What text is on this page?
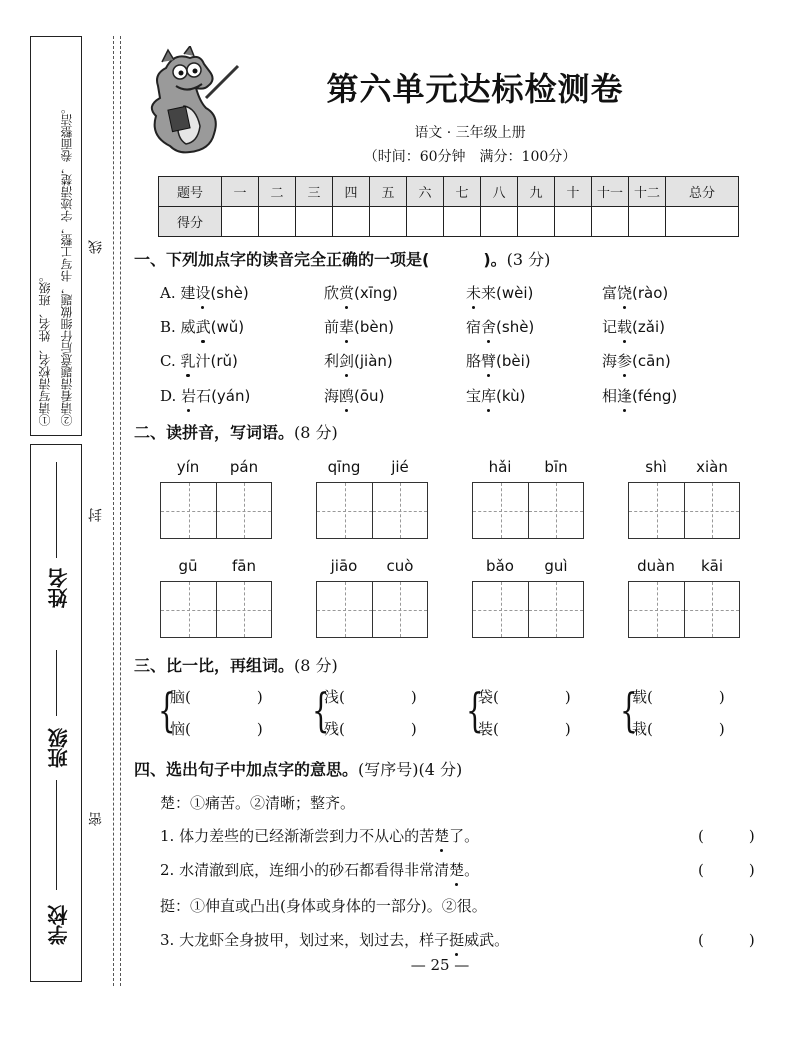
①请写清校名、姓名、班级。 ②请看清题意后仔细做题，书写工整，字迹清楚，卷面整洁。
学校
班级
姓名
线
封
密
第六单元达标检测卷
语文 · 三年级上册
（时间：60分钟　满分：100分）
题号	一	二	三	四	五	六	七	八	九	十	十一	十二	总分
得分													
一、下列加点字的读音完全正确的一项是(	)。(3 分)
A. 建设(shè)	欣赏(xīng)	未来(wèi)	富饶(rào)
B. 威武(wǔ)	前辈(bèn)	宿舍(shè)	记载(zǎi)
C. 乳汁(rǔ)	利剑(jiàn)	胳臂(bèi)	海参(cān)
D. 岩石(yán)	海鸥(ōu)	宝库(kù)	相逢(féng)
二、读拼音，写词语。(8 分)
yín	pán	qīng	jié	hǎi	bīn	shì	xiàn
gū	fān	jiāo	cuò	bǎo	guì	duàn	kāi
三、比一比，再组词。(8 分)
{
脑(	)
恼(	) {
浅(	)
残(	) {
袋(	)
装(	) {
载(	)
栽(	)
四、选出句子中加点字的意思。(写序号)(4 分)
楚：①痛苦。②清晰；整齐。
1. 体力差些的已经渐渐尝到力不从心的苦楚了。	(　　　)
2. 水清澈到底，连细小的砂石都看得非常清楚。	(　　　)
挺：①伸直或凸出(身体或身体的一部分)。②很。
3. 大龙虾全身披甲，划过来，划过去，样子挺威武。	(　　　)
— 25 —
